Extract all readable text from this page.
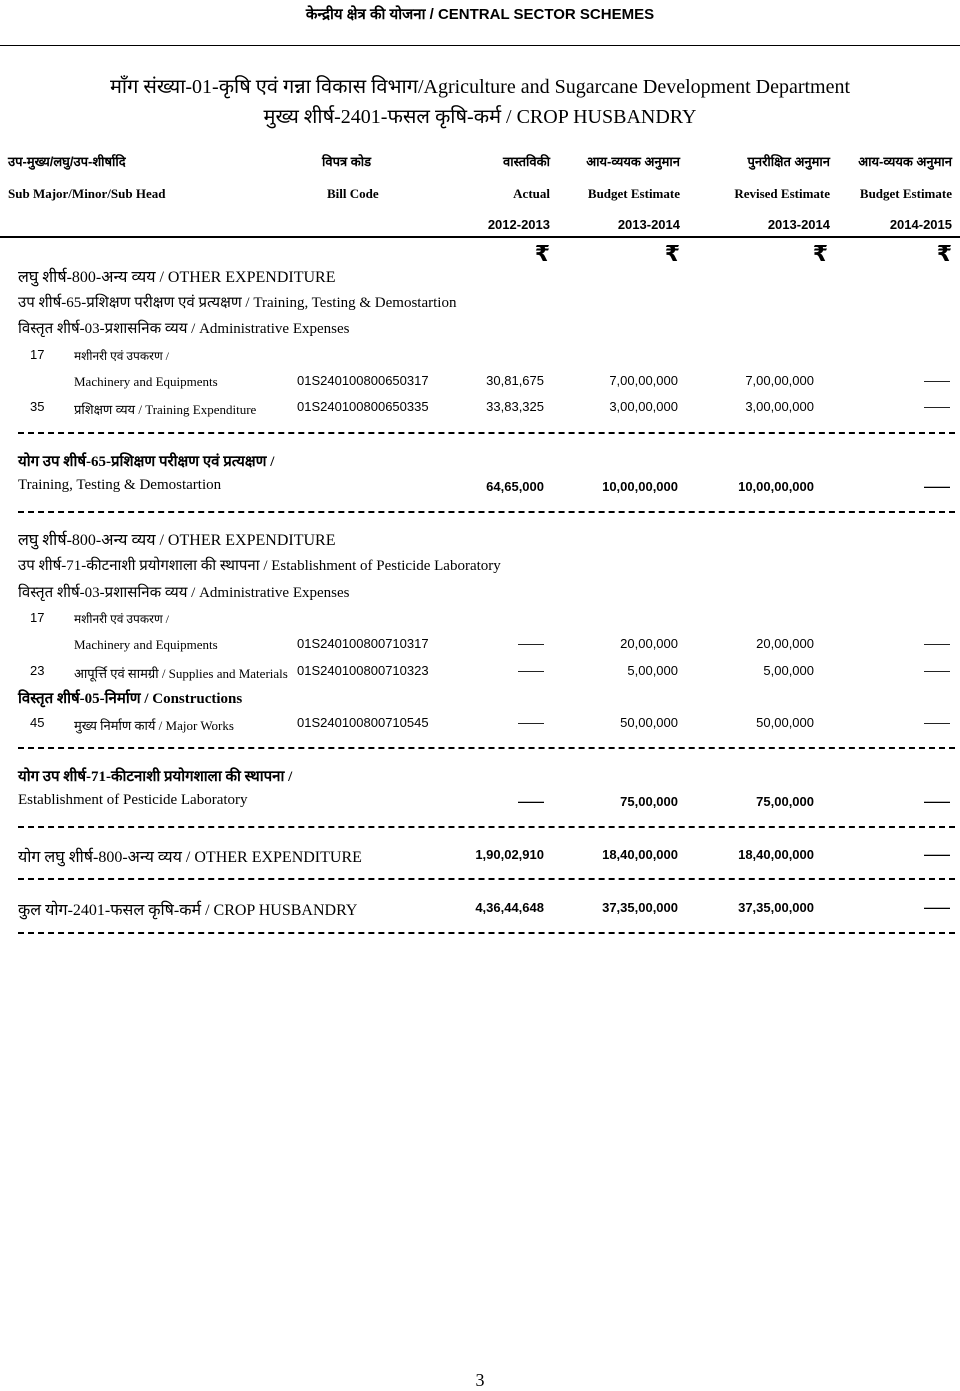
केन्द्रीय क्षेत्र की योजना / CENTRAL SECTOR SCHEMES
माँग संख्या-01-कृषि एवं गन्ना विकास विभाग/Agriculture and Sugarcane Development Department
मुख्य शीर्ष-2401-फसल कृषि-कर्म / CROP HUSBANDRY
उप-मुख्य/लघु/उप-शीर्षादि	विपत्र कोड	वास्तविकी	आय-व्ययक अनुमान	पुनरीक्षित अनुमान	आय-व्ययक अनुमान
Sub Major/Minor/Sub Head	Bill Code	Actual	Budget Estimate	Revised Estimate	Budget Estimate
2012-2013	2013-2014	2013-2014	2014-2015
₹	₹	₹	₹
लघु शीर्ष-800-अन्य व्यय / OTHER EXPENDITURE
उप शीर्ष-65-प्रशिक्षण परीक्षण एवं प्रत्यक्षण / Training, Testing & Demostartion
विस्तृत शीर्ष-03-प्रशासनिक व्यय / Administrative Expenses
17 मशीनरी एवं उपकरण /
Machinery and Equipments	01S240100800650317	30,81,675	7,00,00,000	7,00,00,000	——
35 प्रशिक्षण व्यय / Training Expenditure	01S240100800650335	33,83,325	3,00,00,000	3,00,00,000	——
योग उप शीर्ष-65-प्रशिक्षण परीक्षण एवं प्रत्यक्षण /
Training, Testing & Demostartion	64,65,000	10,00,00,000	10,00,00,000	——
लघु शीर्ष-800-अन्य व्यय / OTHER EXPENDITURE
उप शीर्ष-71-कीटनाशी प्रयोगशाला की स्थापना / Establishment of Pesticide Laboratory
विस्तृत शीर्ष-03-प्रशासनिक व्यय / Administrative Expenses
17 मशीनरी एवं उपकरण /
Machinery and Equipments	01S240100800710317	——	20,00,000	20,00,000	——
23 आपूर्त्ति एवं सामग्री / Supplies and Materials 01S240100800710323	——	5,00,000	5,00,000	——
विस्तृत शीर्ष-05-निर्माण / Constructions
45 मुख्य निर्माण कार्य / Major Works	01S240100800710545	——	50,00,000	50,00,000	——
योग उप शीर्ष-71-कीटनाशी प्रयोगशाला की स्थापना /
Establishment of Pesticide Laboratory	——	75,00,000	75,00,000	——
योग लघु शीर्ष-800-अन्य व्यय / OTHER EXPENDITURE	1,90,02,910	18,40,00,000	18,40,00,000	——
कुल योग-2401-फसल कृषि-कर्म / CROP HUSBANDRY	4,36,44,648	37,35,00,000	37,35,00,000	——
3
